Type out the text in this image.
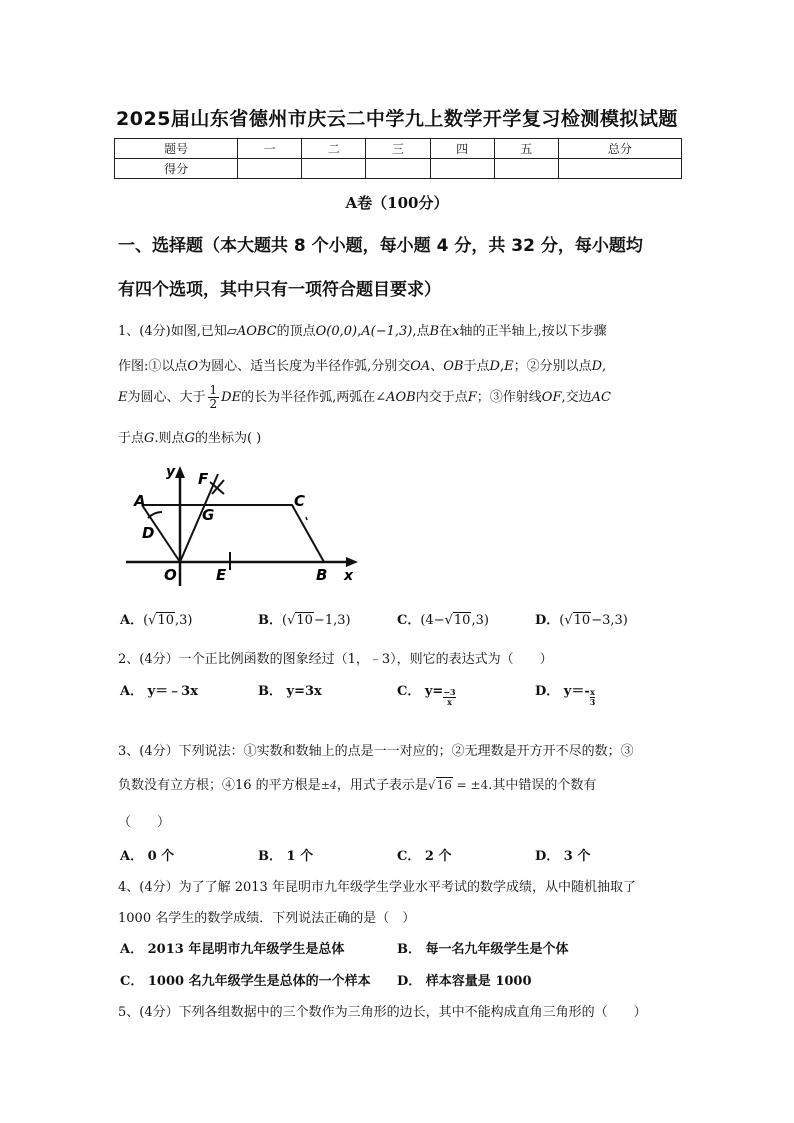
2025届山东省德州市庆云二中学九上数学开学复习检测模拟试题
题号	一	二	三	四	五	总分
得分						
A卷（100分）
一、选择题（本大题共 8 个小题，每小题 4 分，共 32 分，每小题均
有四个选项，其中只有一项符合题目要求）
1、(4分)如图,已知▱AOBC的顶点O(0,0),A(−1,3),点B在x轴的正半轴上,按以下步骤
作图:①以点O为圆心、适当长度为半径作弧,分别交OA、OB于点D,E；②分别以点D,
E为圆心、大于 $\frac{1}{2}$ DE的长为半径作弧,两弧在∠AOB内交于点F；③作射线OF,交边AC
于点G.则点G的坐标为( )
y F
A	C
G
D
O	E	B x
A．(√10,3)	B．(√10−1,3)	C．(4−√10,3)	D．(√10−3,3)
2、(4分）一个正比例函数的图象经过（1，﹣3），则它的表达式为（　　）
A． y＝﹣3x	B． y=3x	C． $y= \frac{-3}{x}$	D． $y=- \frac{x}{3}$
3、(4分）下列说法：①实数和数轴上的点是一一对应的；②无理数是开方开不尽的数；③
负数没有立方根；④16 的平方根是±4，用式子表示是√16 = ±4.其中错误的个数有
（　　）
A． 0 个	B． 1 个	C． 2 个	D． 3 个
4、(4分）为了了解 2013 年昆明市九年级学生学业水平考试的数学成绩，从中随机抽取了
1000 名学生的数学成绩．下列说法正确的是（　）
A． 2013 年昆明市九年级学生是总体	B． 每一名九年级学生是个体
C． 1000 名九年级学生是总体的一个样本 D． 样本容量是 1000
5、(4分）下列各组数据中的三个数作为三角形的边长，其中不能构成直角三角形的（　　）
